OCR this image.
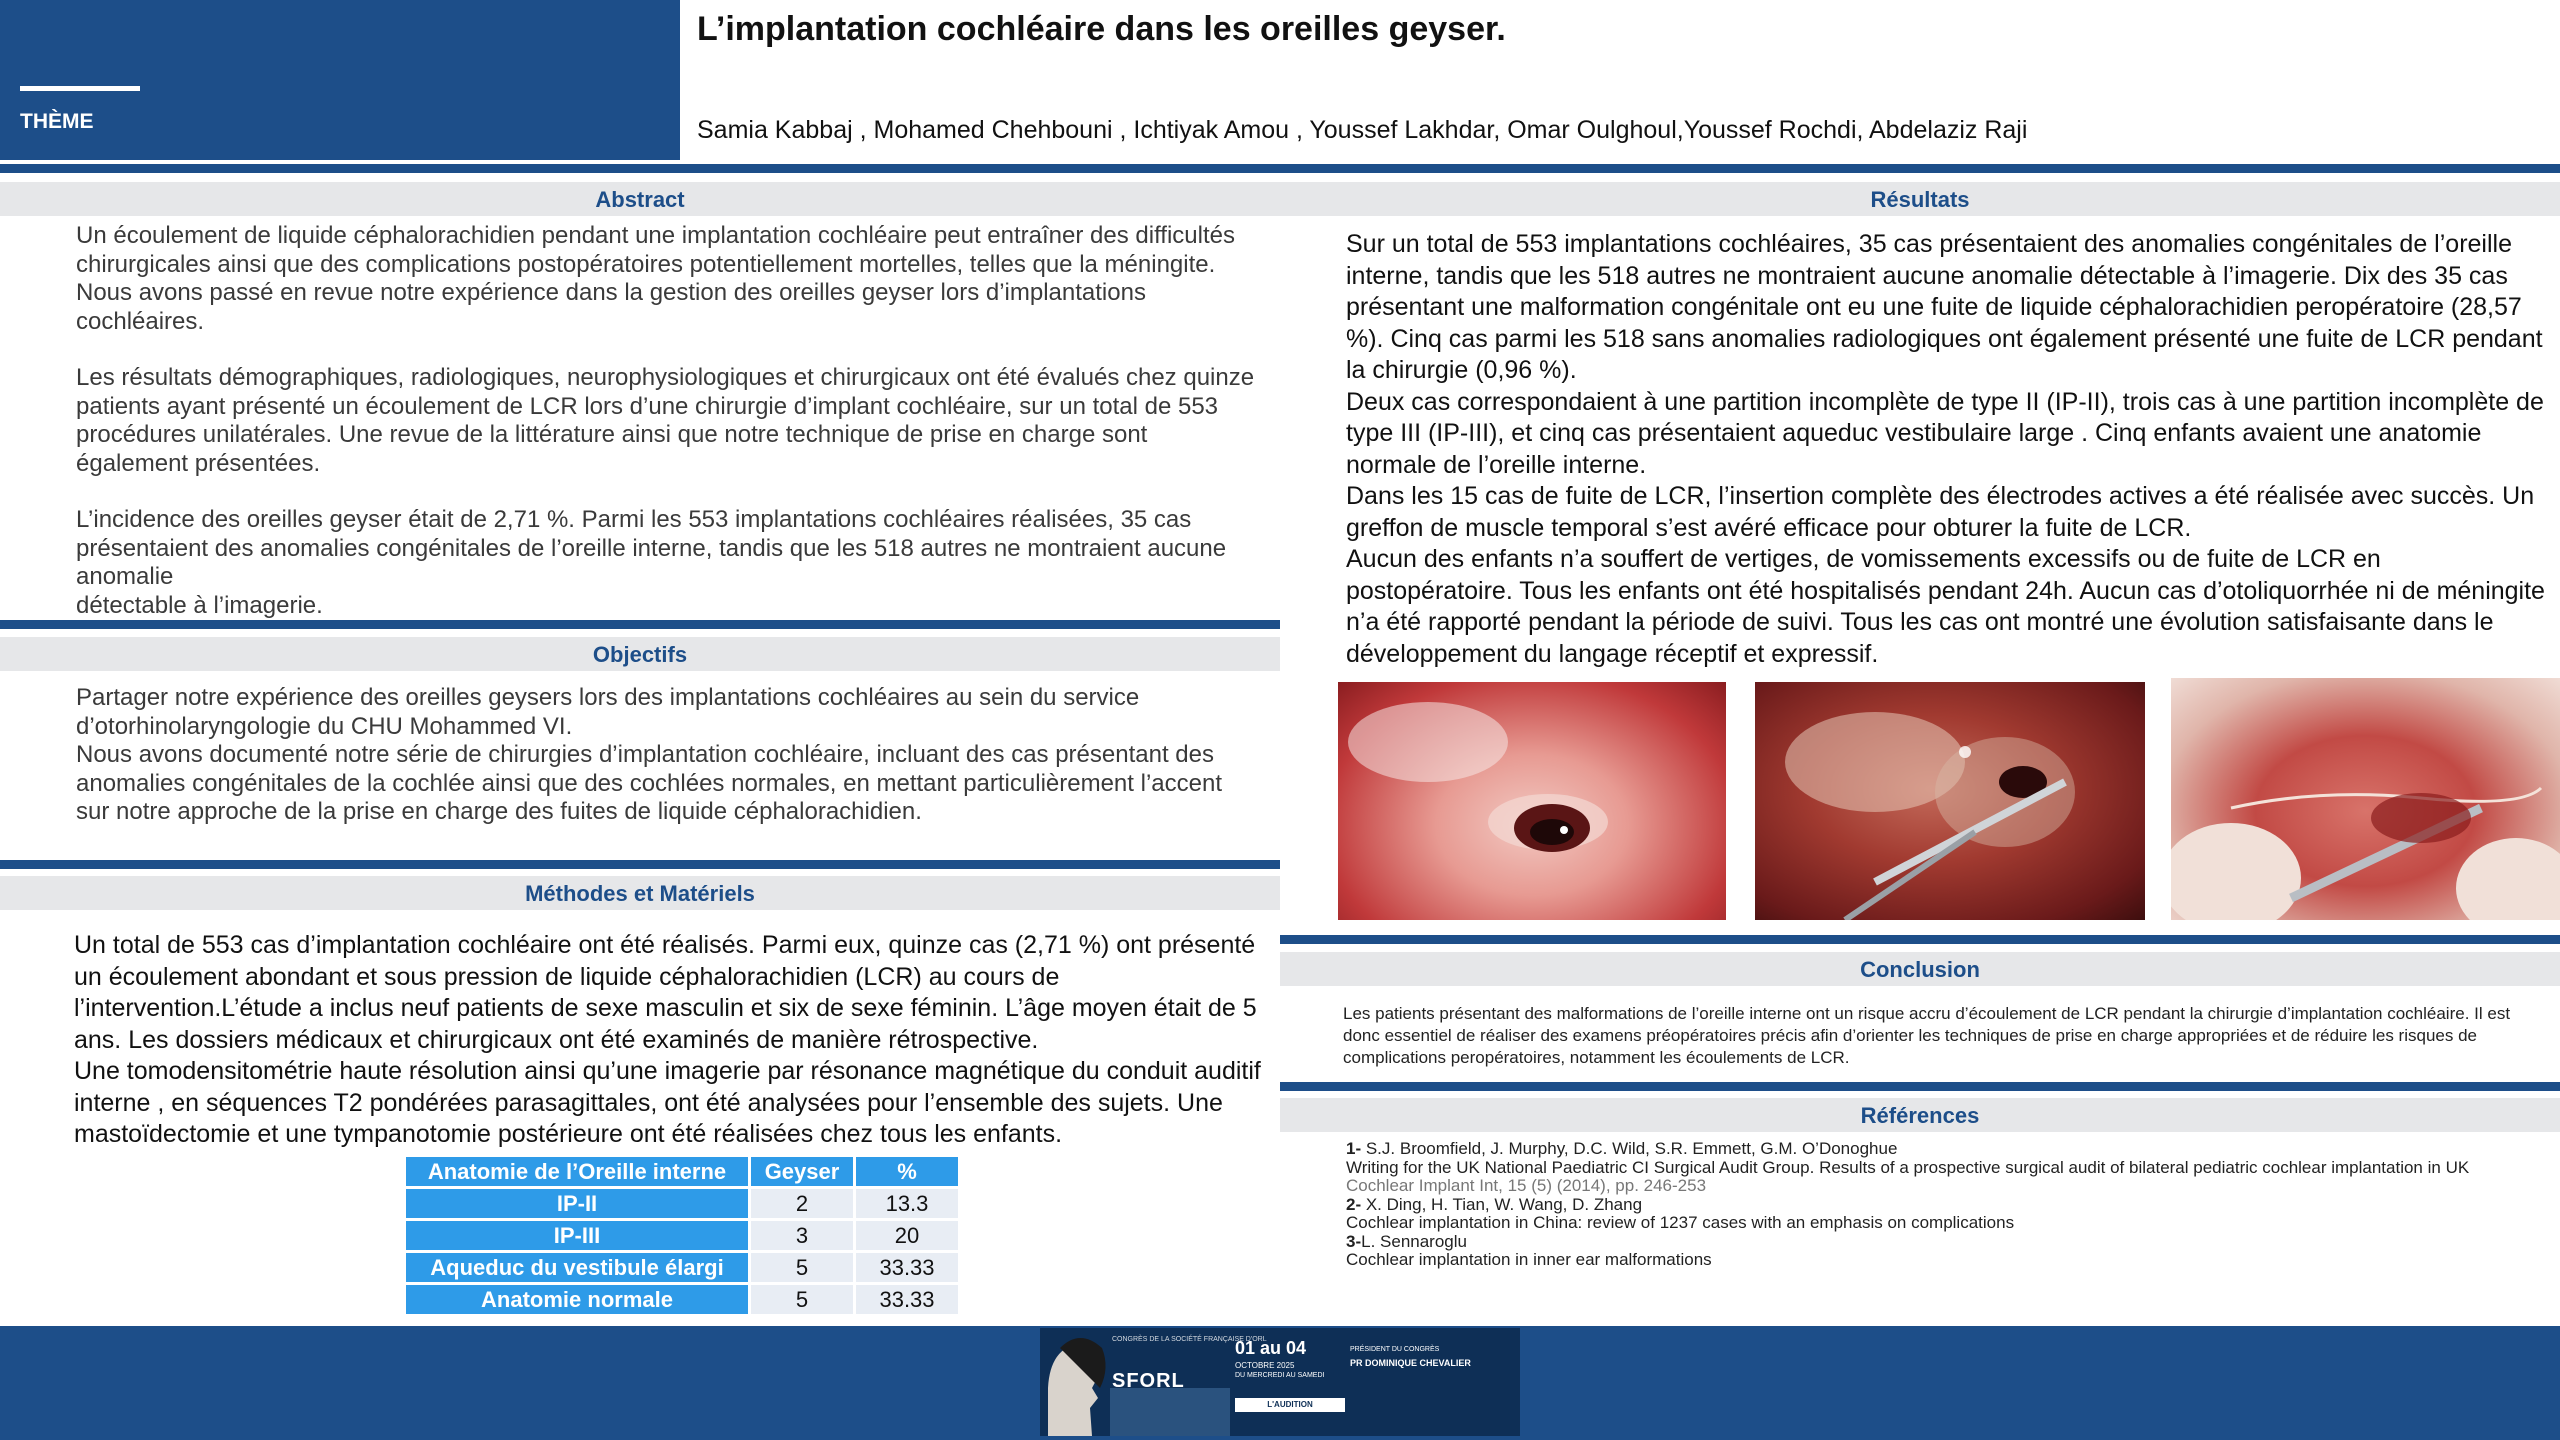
THÈME
L’implantation cochléaire dans les oreilles geyser.
Samia Kabbaj , Mohamed Chehbouni , Ichtiyak Amou , Youssef Lakhdar, Omar Oulghoul,Youssef Rochdi, Abdelaziz Raji
Abstract

Un écoulement de liquide céphalorachidien pendant une implantation cochléaire peut entraîner des difficultés chirurgicales ainsi que des complications postopératoires potentiellement mortelles, telles que la méningite. Nous avons passé en revue notre expérience dans la gestion des oreilles geyser lors d’implantations cochléaires.

Les résultats démographiques, radiologiques, neurophysiologiques et chirurgicaux ont été évalués chez quinze patients ayant présenté un écoulement de LCR lors d’une chirurgie d’implant cochléaire, sur un total de 553 procédures unilatérales. Une revue de la littérature ainsi que notre technique de prise en charge sont également présentées.

L’incidence des oreilles geyser était de 2,71 %. Parmi les 553 implantations cochléaires réalisées, 35 cas présentaient des anomalies congénitales de l’oreille interne, tandis que les 518 autres ne montraient aucune anomalie

détectable à l’imagerie.

Objectifs

Partager notre expérience des oreilles geysers lors des implantations cochléaires au sein du service d’otorhinolaryngologie du CHU Mohammed VI.

Nous avons documenté notre série de chirurgies d’implantation cochléaire, incluant des cas présentant des anomalies congénitales de la cochlée ainsi que des cochlées normales, en mettant particulièrement l’accent sur notre approche de la prise en charge des fuites de liquide céphalorachidien.

Méthodes et Matériels
Un total de 553 cas d’implantation cochléaire ont été réalisés. Parmi eux, quinze cas (2,71 %) ont présenté un écoulement abondant et sous pression de liquide céphalorachidien (LCR) au cours de l’intervention.L’étude a inclus neuf patients de sexe masculin et six de sexe féminin. L’âge moyen était de 5 ans. Les dossiers médicaux et chirurgicaux ont été examinés de manière rétrospective.
Une tomodensitométrie haute résolution ainsi qu’une imagerie par résonance magnétique du conduit auditif interne , en séquences T2 pondérées parasagittales, ont été analysées pour l’ensemble des sujets. Une mastoïdectomie et une tympanotomie postérieure ont été réalisées chez tous les enfants.
Anatomie de l’Oreille interne	Geyser	%
IP-II	2	13.3
IP-III	3	20
Aqueduc du vestibule élargi	5	33.33
Anatomie normale	5	33.33
Résultats
Sur un total de 553 implantations cochléaires, 35 cas présentaient des anomalies congénitales de l’oreille interne, tandis que les 518 autres ne montraient aucune anomalie détectable à l’imagerie. Dix des 35 cas présentant une malformation congénitale ont eu une fuite de liquide céphalorachidien peropératoire (28,57 %). Cinq cas parmi les 518 sans anomalies radiologiques ont également présenté une fuite de LCR pendant la chirurgie (0,96 %).
Deux cas correspondaient à une partition incomplète de type II (IP-II), trois cas à une partition incomplète de type III (IP-III), et cinq cas présentaient aqueduc vestibulaire large . Cinq enfants avaient une anatomie normale de l’oreille interne.
Dans les 15 cas de fuite de LCR, l’insertion complète des électrodes actives a été réalisée avec succès. Un greffon de muscle temporal s’est avéré efficace pour obturer la fuite de LCR.
Aucun des enfants n’a souffert de vertiges, de vomissements excessifs ou de fuite de LCR en postopératoire. Tous les enfants ont été hospitalisés pendant 24h. Aucun cas d’otoliquorrhée ni de méningite n’a été rapporté pendant la période de suivi. Tous les cas ont montré une évolution satisfaisante dans le développement du langage réceptif et expressif.
Conclusion
Les patients présentant des malformations de l’oreille interne ont un risque accru d’écoulement de LCR pendant la chirurgie d’implantation cochléaire. Il est donc essentiel de réaliser des examens préopératoires précis afin d’orienter les techniques de prise en charge appropriées et de réduire les risques de complications peropératoires, notamment les écoulements de LCR.
Références
1- S.J. Broomfield, J. Murphy, D.C. Wild, S.R. Emmett, G.M. O’Donoghue
Writing for the UK National Paediatric CI Surgical Audit Group. Results of a prospective surgical audit of bilateral pediatric cochlear implantation in UK
Cochlear Implant Int, 15 (5) (2014), pp. 246-253
2- X. Ding, H. Tian, W. Wang, D. Zhang
Cochlear implantation in China: review of 1237 cases with an emphasis on complications
3-L. Sennaroglu
Cochlear implantation in inner ear malformations
CONGRÈS DE LA SOCIÉTÉ FRANÇAISE D'ORL
SFORL
01 au 04
OCTOBRE 2025
DU MERCREDI AU SAMEDI
L'AUDITION
PRÉSIDENT DU CONGRÈS
PR DOMINIQUE CHEVALIER
